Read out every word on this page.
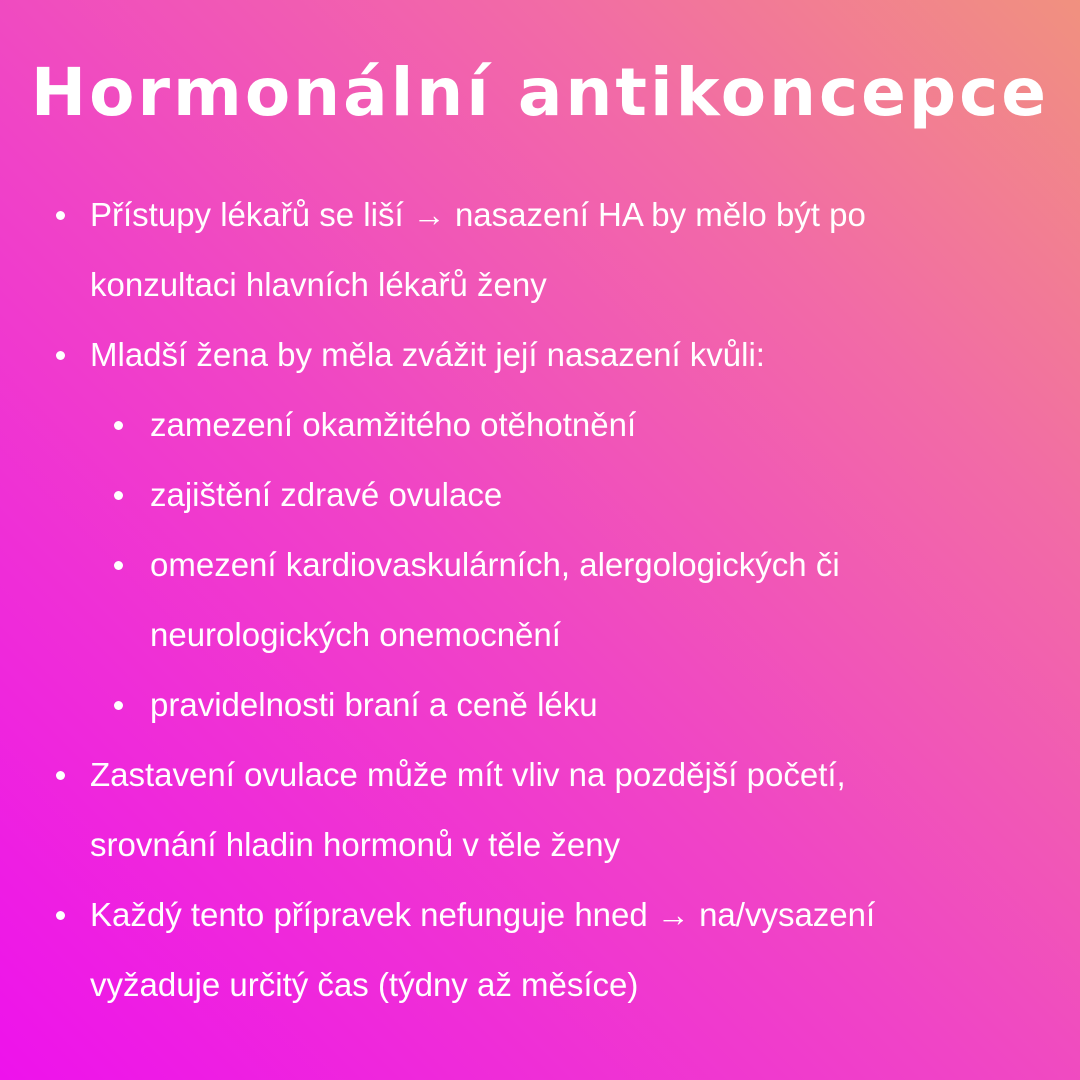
Hormonální antikoncepce
Přístupy lékařů se liší → nasazení HA by mělo být po
konzultaci hlavních lékařů ženy
Mladší žena by měla zvážit její nasazení kvůli:
zamezení okamžitého otěhotnění
zajištění zdravé ovulace
omezení kardiovaskulárních, alergologických či
neurologických onemocnění
pravidelnosti braní a ceně léku
Zastavení ovulace může mít vliv na pozdější početí,
srovnání hladin hormonů v těle ženy
Každý tento přípravek nefunguje hned → na/vysazení
vyžaduje určitý čas (týdny až měsíce)
